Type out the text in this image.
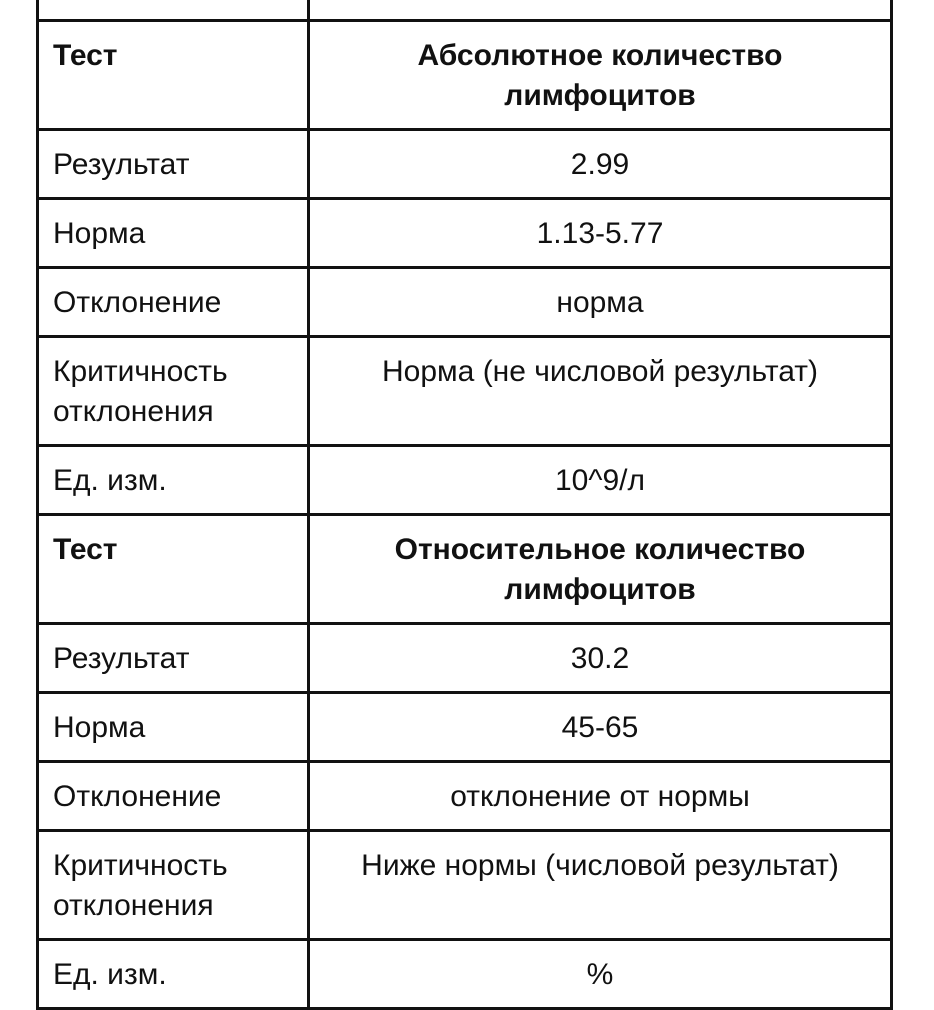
Тест	Абсолютное количество лимфоцитов
Результат	2.99
Норма	1.13-5.77
Отклонение	норма
Критичность отклонения	Норма (не числовой результат)
Ед. изм.	10^9/л
Тест	Относительное количество лимфоцитов
Результат	30.2
Норма	45-65
Отклонение	отклонение от нормы
Критичность отклонения	Ниже нормы (числовой результат)
Ед. изм.	%
